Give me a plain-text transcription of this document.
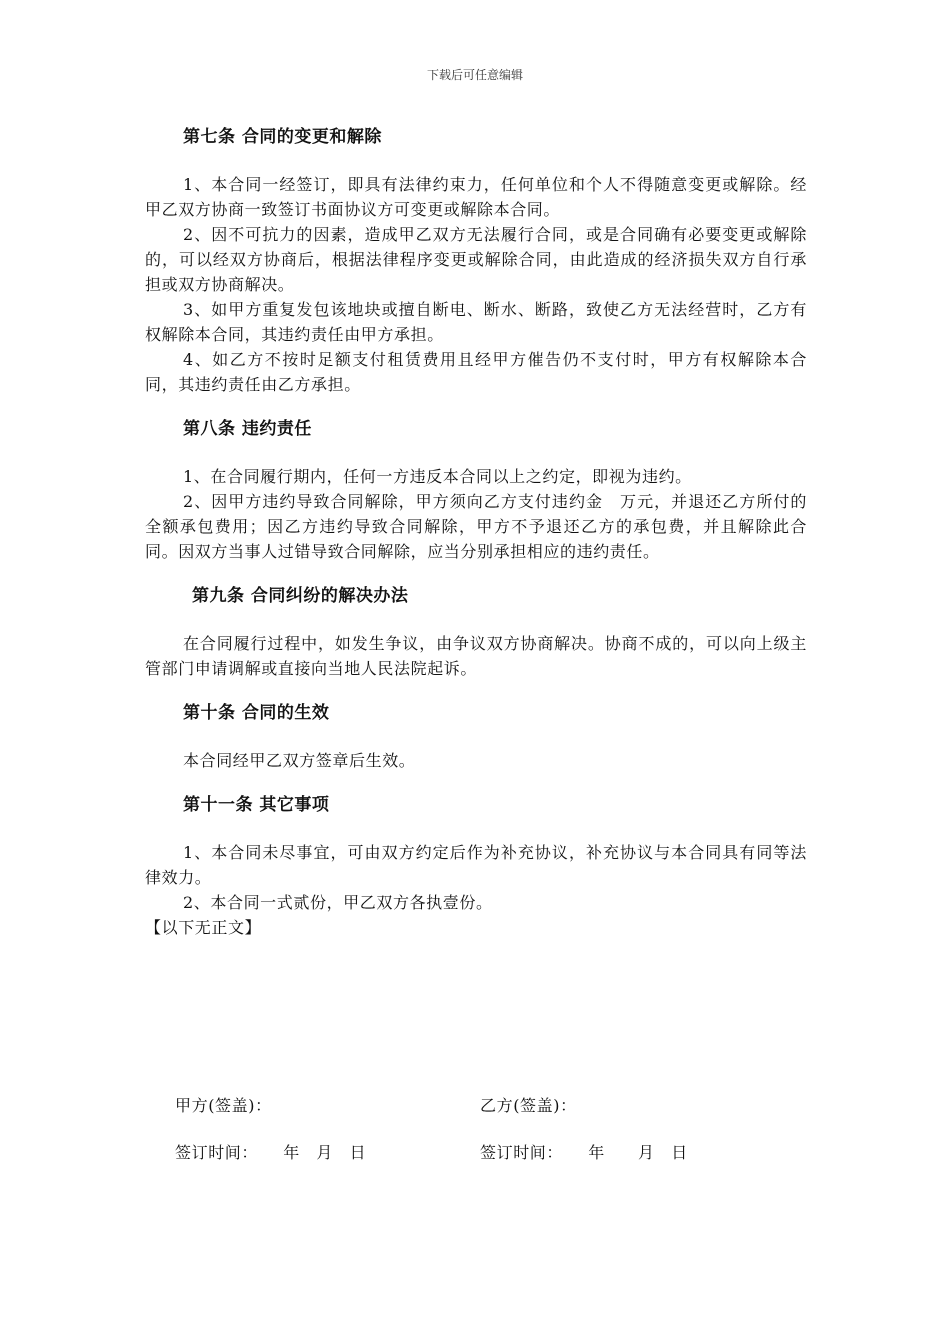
下载后可任意编辑
第七条 合同的变更和解除

1、本合同一经签订，即具有法律约束力，任何单位和个人不得随意变更或解除。经甲乙双方协商一致签订书面协议方可变更或解除本合同。

2、因不可抗力的因素，造成甲乙双方无法履行合同，或是合同确有必要变更或解除的，可以经双方协商后，根据法律程序变更或解除合同，由此造成的经济损失双方自行承担或双方协商解决。

3、如甲方重复发包该地块或擅自断电、断水、断路，致使乙方无法经营时，乙方有权解除本合同，其违约责任由甲方承担。

4、如乙方不按时足额支付租赁费用且经甲方催告仍不支付时，甲方有权解除本合同，其违约责任由乙方承担。

第八条 违约责任

1、在合同履行期内，任何一方违反本合同以上之约定，即视为违约。

2、因甲方违约导致合同解除，甲方须向乙方支付违约金　万元，并退还乙方所付的全额承包费用；因乙方违约导致合同解除，甲方不予退还乙方的承包费，并且解除此合同。因双方当事人过错导致合同解除，应当分别承担相应的违约责任。

第九条 合同纠纷的解决办法

在合同履行过程中，如发生争议，由争议双方协商解决。协商不成的，可以向上级主管部门申请调解或直接向当地人民法院起诉。

第十条 合同的生效

本合同经甲乙双方签章后生效。

第十一条 其它事项

1、本合同未尽事宜，可由双方约定后作为补充协议，补充协议与本合同具有同等法律效力。

2、本合同一式贰份，甲乙双方各执壹份。

【以下无正文】
甲方(签盖)：	乙方(签盖)：
签订时间：　　年　月　日	签订时间：　　年　　月　日
